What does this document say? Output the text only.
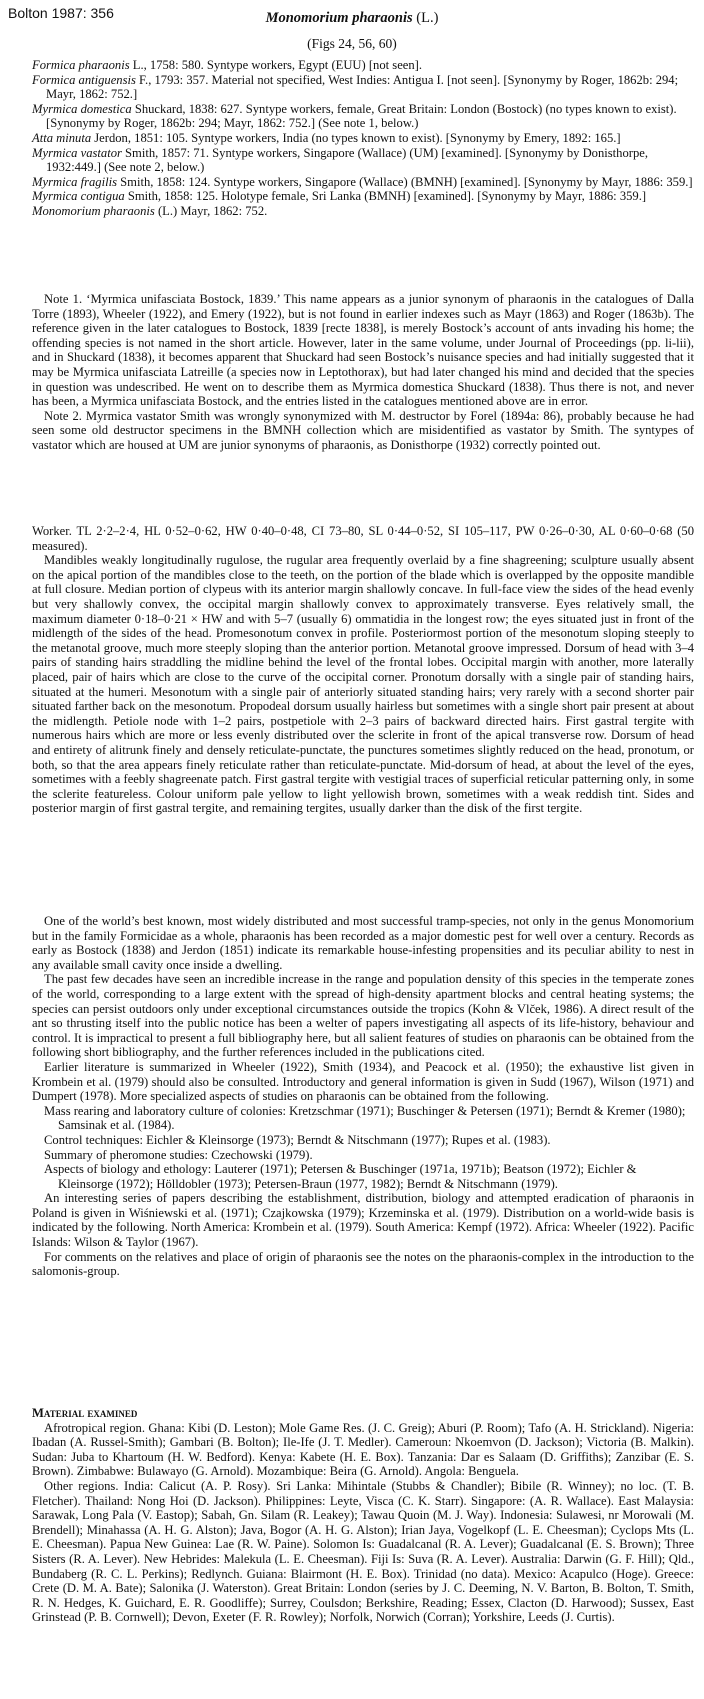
Bolton 1987: 356	Monomorium pharaonis (L.)
(Figs 24, 56, 60)

Formica pharaonis L., 1758: 580. Syntype workers, Egypt (EUU) [not seen].

Formica antiguensis F., 1793: 357. Material not specified, West Indies: Antigua I. [not seen]. [Synonymy by Roger, 1862b: 294; Mayr, 1862: 752.]

Myrmica domestica Shuckard, 1838: 627. Syntype workers, female, Great Britain: London (Bostock) (no types known to exist). [Synonymy by Roger, 1862b: 294; Mayr, 1862: 752.] (See note 1, below.)

Atta minuta Jerdon, 1851: 105. Syntype workers, India (no types known to exist). [Synonymy by Emery, 1892: 165.]

Myrmica vastator Smith, 1857: 71. Syntype workers, Singapore (Wallace) (UM) [examined]. [Synonymy by Donisthorpe, 1932:449.] (See note 2, below.)

Myrmica fragilis Smith, 1858: 124. Syntype workers, Singapore (Wallace) (BMNH) [examined]. [Synonymy by Mayr, 1886: 359.]

Myrmica contigua Smith, 1858: 125. Holotype female, Sri Lanka (BMNH) [examined]. [Synonymy by Mayr, 1886: 359.]

Monomorium pharaonis (L.) Mayr, 1862: 752.

Note 1. ‘Myrmica unifasciata Bostock, 1839.’ This name appears as a junior synonym of pharaonis in the catalogues of Dalla Torre (1893), Wheeler (1922), and Emery (1922), but is not found in earlier indexes such as Mayr (1863) and Roger (1863b). The reference given in the later catalogues to Bostock, 1839 [recte 1838], is merely Bostock’s account of ants invading his home; the offending species is not named in the short article. However, later in the same volume, under Journal of Proceedings (pp. li-lii), and in Shuckard (1838), it becomes apparent that Shuckard had seen Bostock’s nuisance species and had initially suggested that it may be Myrmica unifasciata Latreille (a species now in Leptothorax), but had later changed his mind and decided that the species in question was undescribed. He went on to describe them as Myrmica domestica Shuckard (1838). Thus there is not, and never has been, a Myrmica unifasciata Bostock, and the entries listed in the catalogues mentioned above are in error.

Note 2. Myrmica vastator Smith was wrongly synonymized with M. destructor by Forel (1894a: 86), probably because he had seen some old destructor specimens in the BMNH collection which are misidentified as vastator by Smith. The syntypes of vastator which are housed at UM are junior synonyms of pharaonis, as Donisthorpe (1932) correctly pointed out.

Worker. TL 2·2–2·4, HL 0·52–0·62, HW 0·40–0·48, CI 73–80, SL 0·44–0·52, SI 105–117, PW 0·26–0·30, AL 0·60–0·68 (50 measured).

Mandibles weakly longitudinally rugulose, the rugular area frequently overlaid by a fine shagreening; sculpture usually absent on the apical portion of the mandibles close to the teeth, on the portion of the blade which is overlapped by the opposite mandible at full closure. Median portion of clypeus with its anterior margin shallowly concave. In full-face view the sides of the head evenly but very shallowly convex, the occipital margin shallowly convex to approximately transverse. Eyes relatively small, the maximum diameter 0·18–0·21 × HW and with 5–7 (usually 6) ommatidia in the longest row; the eyes situated just in front of the midlength of the sides of the head. Promesonotum convex in profile. Posteriormost portion of the mesonotum sloping steeply to the metanotal groove, much more steeply sloping than the anterior portion. Metanotal groove impressed. Dorsum of head with 3–4 pairs of standing hairs straddling the midline behind the level of the frontal lobes. Occipital margin with another, more laterally placed, pair of hairs which are close to the curve of the occipital corner. Pronotum dorsally with a single pair of standing hairs, situated at the humeri. Mesonotum with a single pair of anteriorly situated standing hairs; very rarely with a second shorter pair situated farther back on the mesonotum. Propodeal dorsum usually hairless but sometimes with a single short pair present at about the midlength. Petiole node with 1–2 pairs, postpetiole with 2–3 pairs of backward directed hairs. First gastral tergite with numerous hairs which are more or less evenly distributed over the sclerite in front of the apical transverse row. Dorsum of head and entirety of alitrunk finely and densely reticulate-punctate, the punctures sometimes slightly reduced on the head, pronotum, or both, so that the area appears finely reticulate rather than reticulate-punctate. Mid-dorsum of head, at about the level of the eyes, sometimes with a feebly shagreenate patch. First gastral tergite with vestigial traces of superficial reticular patterning only, in some the sclerite featureless. Colour uniform pale yellow to light yellowish brown, sometimes with a weak reddish tint. Sides and posterior margin of first gastral tergite, and remaining tergites, usually darker than the disk of the first tergite.

One of the world’s best known, most widely distributed and most successful tramp-species, not only in the genus Monomorium but in the family Formicidae as a whole, pharaonis has been recorded as a major domestic pest for well over a century. Records as early as Bostock (1838) and Jerdon (1851) indicate its remarkable house-infesting propensities and its peculiar ability to nest in any available small cavity once inside a dwelling.

The past few decades have seen an incredible increase in the range and population density of this species in the temperate zones of the world, corresponding to a large extent with the spread of high-density apartment blocks and central heating systems; the species can persist outdoors only under exceptional circumstances outside the tropics (Kohn & Vlček, 1986). A direct result of the ant so thrusting itself into the public notice has been a welter of papers investigating all aspects of its life-history, behaviour and control. It is impractical to present a full bibliography here, but all salient features of studies on pharaonis can be obtained from the following short bibliography, and the further references included in the publications cited.

Earlier literature is summarized in Wheeler (1922), Smith (1934), and Peacock et al. (1950); the exhaustive list given in Krombein et al. (1979) should also be consulted. Introductory and general information is given in Sudd (1967), Wilson (1971) and Dumpert (1978). More specialized aspects of studies on pharaonis can be obtained from the following.

Mass rearing and laboratory culture of colonies: Kretzschmar (1971); Buschinger & Petersen (1971); Berndt & Kremer (1980); Samsinak et al. (1984).

Control techniques: Eichler & Kleinsorge (1973); Berndt & Nitschmann (1977); Rupes et al. (1983).

Summary of pheromone studies: Czechowski (1979).

Aspects of biology and ethology: Lauterer (1971); Petersen & Buschinger (1971a, 1971b); Beatson (1972); Eichler & Kleinsorge (1972); Hölldobler (1973); Petersen-Braun (1977, 1982); Berndt & Nitschmann (1979).

An interesting series of papers describing the establishment, distribution, biology and attempted eradication of pharaonis in Poland is given in Wiśniewski et al. (1971); Czajkowska (1979); Krzeminska et al. (1979). Distribution on a world-wide basis is indicated by the following. North America: Krombein et al. (1979). South America: Kempf (1972). Africa: Wheeler (1922). Pacific Islands: Wilson & Taylor (1967).

For comments on the relatives and place of origin of pharaonis see the notes on the pharaonis-complex in the introduction to the salomonis-group.

Material examined

Afrotropical region. Ghana: Kibi (D. Leston); Mole Game Res. (J. C. Greig); Aburi (P. Room); Tafo (A. H. Strickland). Nigeria: Ibadan (A. Russel-Smith); Gambari (B. Bolton); Ile-Ife (J. T. Medler). Cameroun: Nkoemvon (D. Jackson); Victoria (B. Malkin). Sudan: Juba to Khartoum (H. W. Bedford). Kenya: Kabete (H. E. Box). Tanzania: Dar es Salaam (D. Griffiths); Zanzibar (E. S. Brown). Zimbabwe: Bulawayo (G. Arnold). Mozambique: Beira (G. Arnold). Angola: Benguela.

Other regions. India: Calicut (A. P. Rosy). Sri Lanka: Mihintale (Stubbs & Chandler); Bibile (R. Winney); no loc. (T. B. Fletcher). Thailand: Nong Hoi (D. Jackson). Philippines: Leyte, Visca (C. K. Starr). Singapore: (A. R. Wallace). East Malaysia: Sarawak, Long Pala (V. Eastop); Sabah, Gn. Silam (R. Leakey); Tawau Quoin (M. J. Way). Indonesia: Sulawesi, nr Morowali (M. Brendell); Minahassa (A. H. G. Alston); Java, Bogor (A. H. G. Alston); Irian Jaya, Vogelkopf (L. E. Cheesman); Cyclops Mts (L. E. Cheesman). Papua New Guinea: Lae (R. W. Paine). Solomon Is: Guadalcanal (R. A. Lever); Guadalcanal (E. S. Brown); Three Sisters (R. A. Lever). New Hebrides: Malekula (L. E. Cheesman). Fiji Is: Suva (R. A. Lever). Australia: Darwin (G. F. Hill); Qld., Bundaberg (R. C. L. Perkins); Redlynch. Guiana: Blairmont (H. E. Box). Trinidad (no data). Mexico: Acapulco (Hoge). Greece: Crete (D. M. A. Bate); Salonika (J. Waterston). Great Britain: London (series by J. C. Deeming, N. V. Barton, B. Bolton, T. Smith, R. N. Hedges, K. Guichard, E. R. Goodliffe); Surrey, Coulsdon; Berkshire, Reading; Essex, Clacton (D. Harwood); Sussex, East Grinstead (P. B. Cornwell); Devon, Exeter (F. R. Rowley); Norfolk, Norwich (Corran); Yorkshire, Leeds (J. Curtis).
